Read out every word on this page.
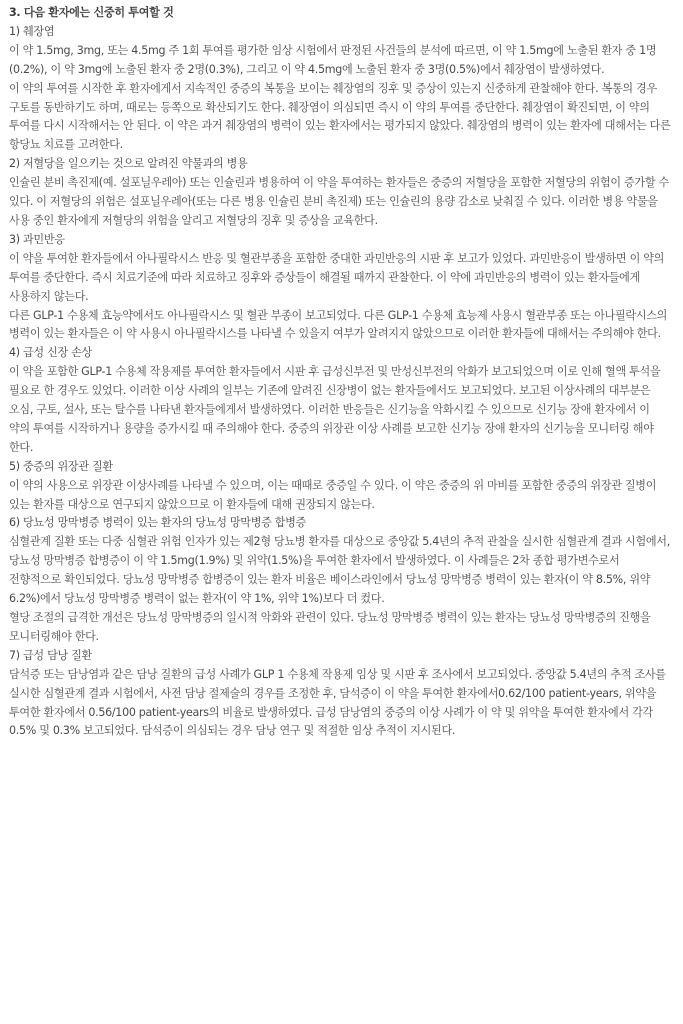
3. 다음 환자에는 신중히 투여할 것
1) 췌장염

이 약 1.5mg, 3mg, 또는 4.5mg 주 1회 투여를 평가한 임상 시험에서 판정된 사건들의 분석에 따르면, 이 약 1.5mg에 노출된 환자 중 1명(0.2%), 이 약 3mg에 노출된 환자 중 2명(0.3%), 그리고 이 약 4.5mg에 노출된 환자 중 3명(0.5%)에서 췌장염이 발생하였다.

이 약의 투여를 시작한 후 환자에게서 지속적인 중증의 복통을 보이는 췌장염의 징후 및 증상이 있는지 신중하게 관찰해야 한다. 복통의 경우 구토를 동반하기도 하며, 때로는 등쪽으로 확산되기도 한다. 췌장염이 의심되면 즉시 이 약의 투여를 중단한다. 췌장염이 확진되면, 이 약의 투여를 다시 시작해서는 안 된다. 이 약은 과거 췌장염의 병력이 있는 환자에서는 평가되지 않았다. 췌장염의 병력이 있는 환자에 대해서는 다른 항당뇨 치료를 고려한다.

2) 저혈당을 일으키는 것으로 알려진 약물과의 병용

인슐린 분비 촉진제(예. 설포닐우레아) 또는 인슐린과 병용하여 이 약을 투여하는 환자들은 중증의 저혈당을 포함한 저혈당의 위험이 증가할 수 있다. 이 저혈당의 위험은 설포닐우레아(또는 다른 병용 인슐린 분비 촉진제) 또는 인슐린의 용량 감소로 낮춰질 수 있다. 이러한 병용 약물을 사용 중인 환자에게 저혈당의 위험을 알리고 저혈당의 징후 및 증상을 교육한다.

3) 과민반응

이 약을 투여한 환자들에서 아나필락시스 반응 및 혈관부종을 포함한 중대한 과민반응의 시판 후 보고가 있었다. 과민반응이 발생하면 이 약의 투여를 중단한다. 즉시 치료기준에 따라 치료하고 징후와 증상들이 해결될 때까지 관찰한다. 이 약에 과민반응의 병력이 있는 환자들에게 사용하지 않는다.

다른 GLP-1 수용체 효능약에서도 아나필락시스 및 혈관 부종이 보고되었다. 다른 GLP-1 수용체 효능제 사용시 혈관부종 또는 아나필락시스의 병력이 있는 환자들은 이 약 사용시 아나필락시스를 나타낼 수 있을지 여부가 알려지지 않았으므로 이러한 환자들에 대해서는 주의해야 한다.

4) 급성 신장 손상

이 약을 포함한 GLP-1 수용체 작용제를 투여한 환자들에서 시판 후 급성신부전 및 만성신부전의 악화가 보고되었으며 이로 인해 혈액 투석을 필요로 한 경우도 있었다. 이러한 이상 사례의 일부는 기존에 알려진 신장병이 없는 환자들에서도 보고되었다. 보고된 이상사례의 대부분은 오심, 구토, 설사, 또는 탈수를 나타낸 환자들에게서 발생하였다. 이러한 반응들은 신기능을 악화시킬 수 있으므로 신기능 장애 환자에서 이 약의 투여를 시작하거나 용량을 증가시킬 때 주의해야 한다. 중증의 위장관 이상 사례를 보고한 신기능 장애 환자의 신기능을 모니터링 해야 한다.

5) 중증의 위장관 질환

이 약의 사용으로 위장관 이상사례를 나타낼 수 있으며, 이는 때때로 중증일 수 있다. 이 약은 중증의 위 마비를 포함한 중증의 위장관 질병이 있는 환자를 대상으로 연구되지 않았으므로 이 환자들에 대해 권장되지 않는다.

6) 당뇨성 망막병증 병력이 있는 환자의 당뇨성 망막병증 합병증

심혈관계 질환 또는 다중 심혈관 위험 인자가 있는 제2형 당뇨병 환자를 대상으로 중앙값 5.4년의 추적 관찰을 실시한 심혈관계 결과 시험에서, 당뇨성 망막병증 합병증이 이 약 1.5mg(1.9%) 및 위약(1.5%)을 투여한 환자에서 발생하였다. 이 사례들은 2차 종합 평가변수로서 전향적으로 확인되었다. 당뇨성 망막병증 합병증이 있는 환자 비율은 베이스라인에서 당뇨성 망막병증 병력이 있는 환자(이 약 8.5%, 위약 6.2%)에서 당뇨성 망막병증 병력이 없는 환자(이 약 1%, 위약 1%)보다 더 컸다.

혈당 조절의 급격한 개선은 당뇨성 망막병증의 일시적 악화와 관련이 있다. 당뇨성 망막병증 병력이 있는 환자는 당뇨성 망막병증의 진행을 모니터링해야 한다.

7) 급성 담낭 질환

담석증 또는 담낭염과 같은 담낭 질환의 급성 사례가 GLP 1 수용체 작용제 임상 및 시판 후 조사에서 보고되었다. 중앙값 5.4년의 추적 조사를 실시한 심혈관계 결과 시험에서, 사전 담낭 절제술의 경우를 조정한 후, 담석증이 이 약을 투여한 환자에서0.62/100 patient-years, 위약을 투여한 환자에서 0.56/100 patient-years의 비율로 발생하였다. 급성 담낭염의 중증의 이상 사례가 이 약 및 위약을 투여한 환자에서 각각 0.5% 및 0.3% 보고되었다. 담석증이 의심되는 경우 담낭 연구 및 적절한 임상 추적이 지시된다.
